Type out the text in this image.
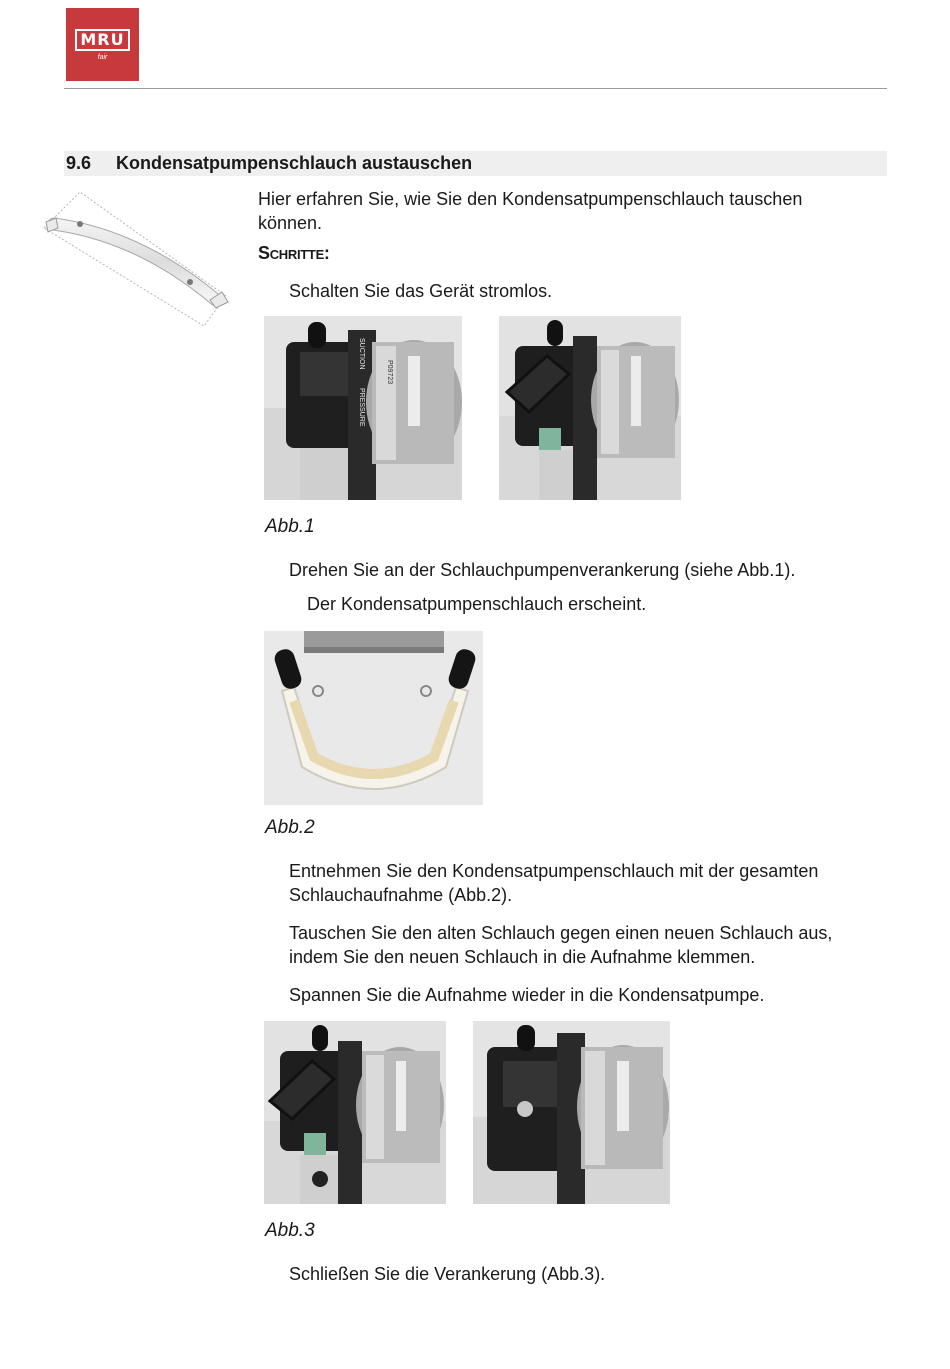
MRU
fair
9.6 Kondensatpumpenschlauch austauschen
Hier erfahren Sie, wie Sie den Kondensatpumpenschlauch tauschen
können.
Schritte:
Schalten Sie das Gerät stromlos.
SUCTION
PRESSURE
P09723
Abb.1
Drehen Sie an der Schlauchpumpenverankerung (siehe Abb.1).
Der Kondensatpumpenschlauch erscheint.
Abb.2
Entnehmen Sie den Kondensatpumpenschlauch mit der gesamten
Schlauchaufnahme (Abb.2).
Tauschen Sie den alten Schlauch gegen einen neuen Schlauch aus,
indem Sie den neuen Schlauch in die Aufnahme klemmen.
Spannen Sie die Aufnahme wieder in die Kondensatpumpe.
Abb.3
Schließen Sie die Verankerung (Abb.3).
